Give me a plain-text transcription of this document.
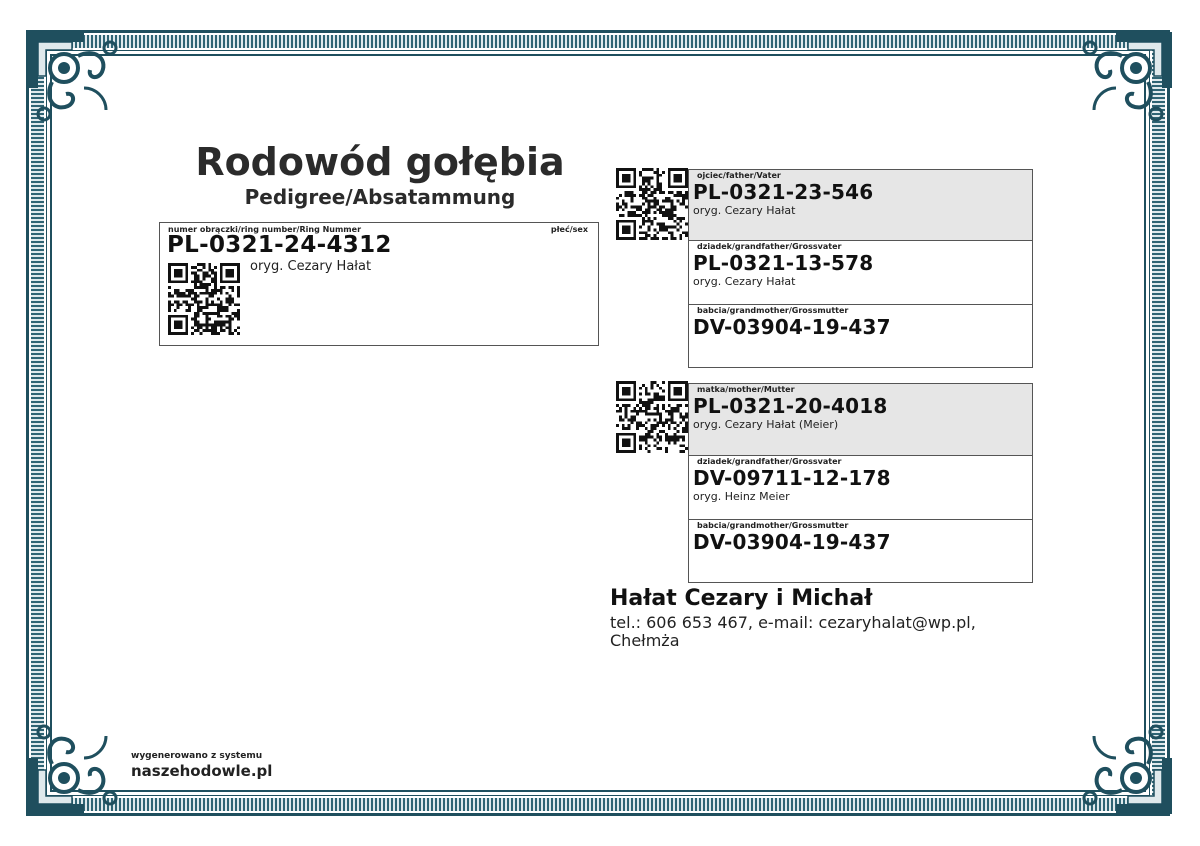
Rodowód gołębia
Pedigree/Absatammung
numer obrączki/ring number/Ring Nummer	płeć/sex
PL-0321-24-4312
oryg. Cezary Hałat
ojciec/father/Vater
PL-0321-23-546
oryg. Cezary Hałat
dziadek/grandfather/Grossvater
PL-0321-13-578
oryg. Cezary Hałat
babcia/grandmother/Grossmutter
DV-03904-19-437
matka/mother/Mutter
PL-0321-20-4018
oryg. Cezary Hałat (Meier)
dziadek/grandfather/Grossvater
DV-09711-12-178
oryg. Heinz Meier
babcia/grandmother/Grossmutter
DV-03904-19-437
Hałat Cezary i Michał
tel.: 606 653 467, e-mail: cezaryhalat@wp.pl, Chełmża
wygenerowano z systemu
naszehodowle.pl
